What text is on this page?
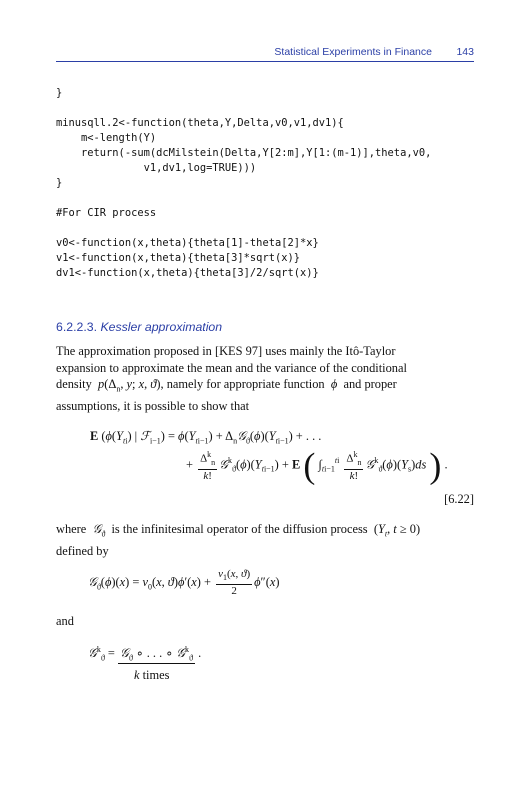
Statistical Experiments in Finance 143
}

minusqll.2<-function(theta,Y,Delta,v0,v1,dv1){
m<-length(Y)
return(-sum(dcMilstein(Delta,Y[2:m],Y[1:(m-1)],theta,v0,
v1,dv1,log=TRUE)))
}

#For CIR process

v0<-function(x,theta){theta[1]-theta[2]*x}
v1<-function(x,theta){theta[3]*sqrt(x)}
dv1<-function(x,theta){theta[3]/2/sqrt(x)}
6.2.2.3. Kessler approximation
The approximation proposed in [KES 97] uses mainly the Itô-Taylor
expansion to approximate the mean and the variance of the conditional
density $p(\Delta_n$, y; x, ϑ), namely for appropriate function ϕ and proper
assumptions, it is possible to show that
E ($\phi(Y_{ti})$ | ℱ$_{i-1}$) = $\phi(Y_{ti-1})$ + $\Delta_n𝒢_ϑ(\phi)(Y_{ti-1})$ + . . .
+ $\frac{\Delta^k_n}{k!}$ $𝒢^k_ϑ(\phi)(Y_{ti-1}) + E$ ( $\int_{ti-1}^{ti} \frac{\Delta^k_n}{k!}$ $𝒢^k_ϑ(\phi)(Y_s)ds$ ) .
[6.22]
where 𝒢$_ϑ$ is the infinitesimal operator of the diffusion process  ($Y_t$, t ≥ 0)
defined by
𝒢$_ϑ$(ϕ)(x) = $v_0(x$, $ϑ)\phi'(x) + \frac{v_1(x, ϑ)}{2} \phi''(x)$
and
𝒢$^k_ϑ$ = 𝒢$_ϑ$ ∘ . . . ∘ 𝒢$^k_ϑ$ .
k times
